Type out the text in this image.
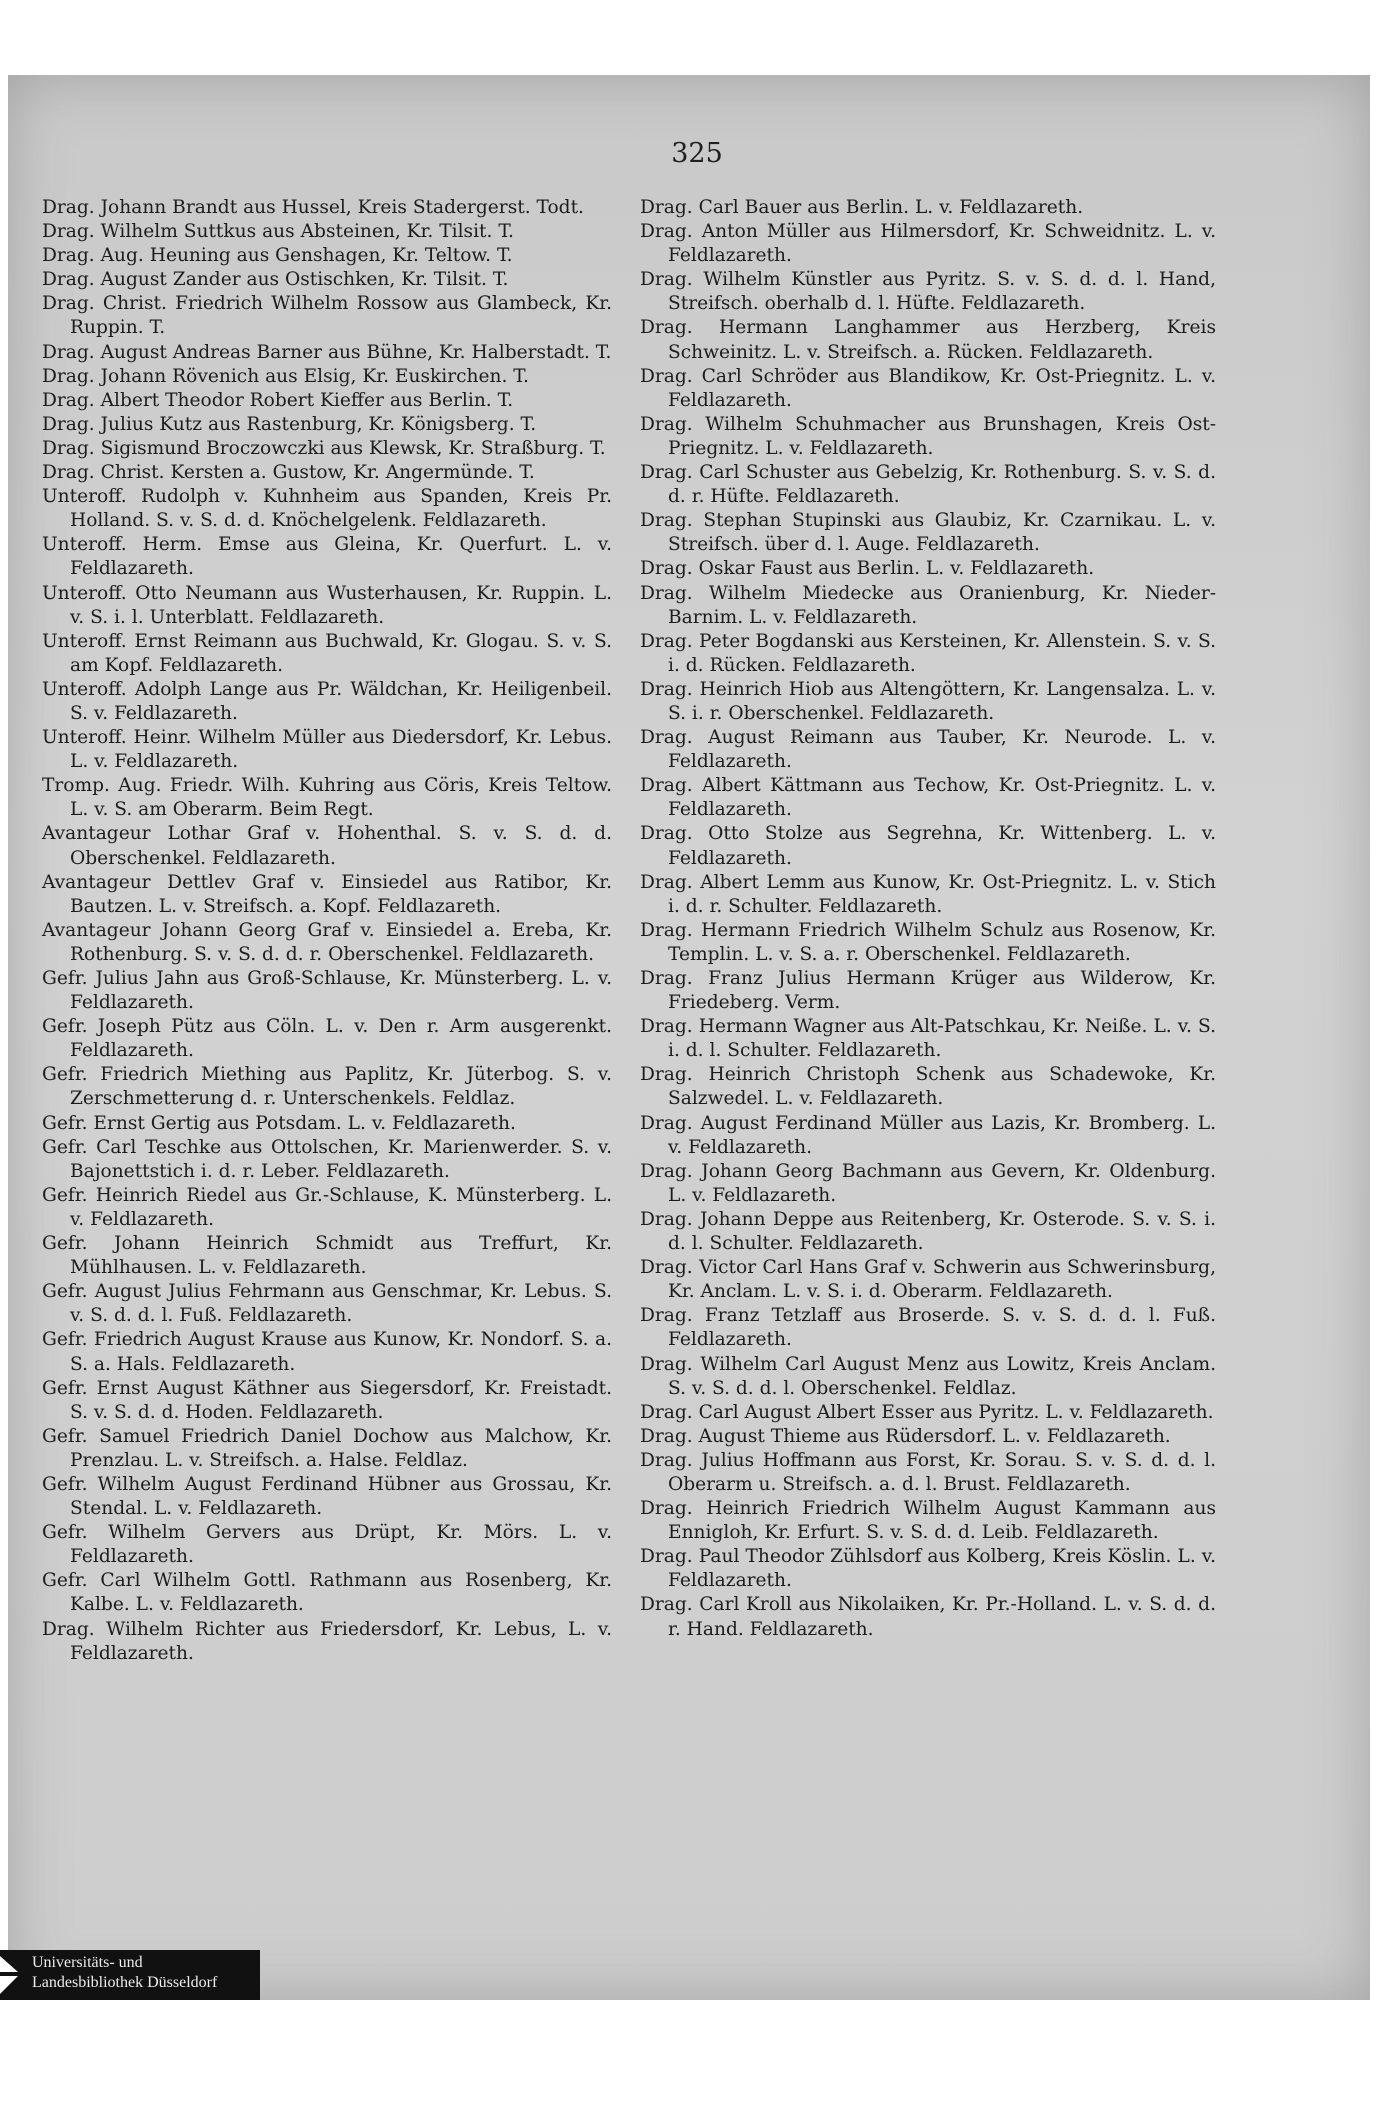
325

Drag. Johann Brandt aus Hussel, Kreis Stadergerst. Todt.

Drag. Wilhelm Suttkus aus Absteinen, Kr. Tilsit. T.

Drag. Aug. Heuning aus Genshagen, Kr. Teltow. T.

Drag. August Zander aus Ostischken, Kr. Tilsit. T.

Drag. Christ. Friedrich Wilhelm Rossow aus Glambeck, Kr. Ruppin. T.

Drag. August Andreas Barner aus Bühne, Kr. Halberstadt. T.

Drag. Johann Rövenich aus Elsig, Kr. Euskirchen. T.

Drag. Albert Theodor Robert Kieffer aus Berlin. T.

Drag. Julius Kutz aus Rastenburg, Kr. Königsberg. T.

Drag. Sigismund Broczowczki aus Klewsk, Kr. Straßburg. T.

Drag. Christ. Kersten a. Gustow, Kr. Angermünde. T.

Unteroff. Rudolph v. Kuhnheim aus Spanden, Kreis Pr. Holland. S. v. S. d. d. Knöchelgelenk. Feldlazareth.

Unteroff. Herm. Emse aus Gleina, Kr. Querfurt. L. v. Feldlazareth.

Unteroff. Otto Neumann aus Wusterhausen, Kr. Ruppin. L. v. S. i. l. Unterblatt. Feldlazareth.

Unteroff. Ernst Reimann aus Buchwald, Kr. Glogau. S. v. S. am Kopf. Feldlazareth.

Unteroff. Adolph Lange aus Pr. Wäldchan, Kr. Heiligenbeil. S. v. Feldlazareth.

Unteroff. Heinr. Wilhelm Müller aus Diedersdorf, Kr. Lebus. L. v. Feldlazareth.

Tromp. Aug. Friedr. Wilh. Kuhring aus Cöris, Kreis Teltow. L. v. S. am Oberarm. Beim Regt.

Avantageur Lothar Graf v. Hohenthal. S. v. S. d. d. Oberschenkel. Feldlazareth.

Avantageur Dettlev Graf v. Einsiedel aus Ratibor, Kr. Bautzen. L. v. Streifsch. a. Kopf. Feldlazareth.

Avantageur Johann Georg Graf v. Einsiedel a. Ereba, Kr. Rothenburg. S. v. S. d. d. r. Oberschenkel. Feldlazareth.

Gefr. Julius Jahn aus Groß-Schlause, Kr. Münsterberg. L. v. Feldlazareth.

Gefr. Joseph Pütz aus Cöln. L. v. Den r. Arm ausgerenkt. Feldlazareth.

Gefr. Friedrich Miething aus Paplitz, Kr. Jüterbog. S. v. Zerschmetterung d. r. Unterschenkels. Feldlaz.

Gefr. Ernst Gertig aus Potsdam. L. v. Feldlazareth.

Gefr. Carl Teschke aus Ottolschen, Kr. Marienwerder. S. v. Bajonettstich i. d. r. Leber. Feldlazareth.

Gefr. Heinrich Riedel aus Gr.-Schlause, K. Münsterberg. L. v. Feldlazareth.

Gefr. Johann Heinrich Schmidt aus Treffurt, Kr. Mühlhausen. L. v. Feldlazareth.

Gefr. August Julius Fehrmann aus Genschmar, Kr. Lebus. S. v. S. d. d. l. Fuß. Feldlazareth.

Gefr. Friedrich August Krause aus Kunow, Kr. Nondorf. S. a. S. a. Hals. Feldlazareth.

Gefr. Ernst August Käthner aus Siegersdorf, Kr. Freistadt. S. v. S. d. d. Hoden. Feldlazareth.

Gefr. Samuel Friedrich Daniel Dochow aus Malchow, Kr. Prenzlau. L. v. Streifsch. a. Halse. Feldlaz.

Gefr. Wilhelm August Ferdinand Hübner aus Grossau, Kr. Stendal. L. v. Feldlazareth.

Gefr. Wilhelm Gervers aus Drüpt, Kr. Mörs. L. v. Feldlazareth.

Gefr. Carl Wilhelm Gottl. Rathmann aus Rosenberg, Kr. Kalbe. L. v. Feldlazareth.

Drag. Wilhelm Richter aus Friedersdorf, Kr. Lebus, L. v. Feldlazareth.

Drag. Carl Bauer aus Berlin. L. v. Feldlazareth.

Drag. Anton Müller aus Hilmersdorf, Kr. Schweidnitz. L. v. Feldlazareth.

Drag. Wilhelm Künstler aus Pyritz. S. v. S. d. d. l. Hand, Streifsch. oberhalb d. l. Hüfte. Feldlazareth.

Drag. Hermann Langhammer aus Herzberg, Kreis Schweinitz. L. v. Streifsch. a. Rücken. Feldlazareth.

Drag. Carl Schröder aus Blandikow, Kr. Ost-Priegnitz. L. v. Feldlazareth.

Drag. Wilhelm Schuhmacher aus Brunshagen, Kreis Ost-Priegnitz. L. v. Feldlazareth.

Drag. Carl Schuster aus Gebelzig, Kr. Rothenburg. S. v. S. d. d. r. Hüfte. Feldlazareth.

Drag. Stephan Stupinski aus Glaubiz, Kr. Czarnikau. L. v. Streifsch. über d. l. Auge. Feldlazareth.

Drag. Oskar Faust aus Berlin. L. v. Feldlazareth.

Drag. Wilhelm Miedecke aus Oranienburg, Kr. Nieder-Barnim. L. v. Feldlazareth.

Drag. Peter Bogdanski aus Kersteinen, Kr. Allenstein. S. v. S. i. d. Rücken. Feldlazareth.

Drag. Heinrich Hiob aus Altengöttern, Kr. Langensalza. L. v. S. i. r. Oberschenkel. Feldlazareth.

Drag. August Reimann aus Tauber, Kr. Neurode. L. v. Feldlazareth.

Drag. Albert Kättmann aus Techow, Kr. Ost-Priegnitz. L. v. Feldlazareth.

Drag. Otto Stolze aus Segrehna, Kr. Wittenberg. L. v. Feldlazareth.

Drag. Albert Lemm aus Kunow, Kr. Ost-Priegnitz. L. v. Stich i. d. r. Schulter. Feldlazareth.

Drag. Hermann Friedrich Wilhelm Schulz aus Rosenow, Kr. Templin. L. v. S. a. r. Oberschenkel. Feldlazareth.

Drag. Franz Julius Hermann Krüger aus Wilderow, Kr. Friedeberg. Verm.

Drag. Hermann Wagner aus Alt-Patschkau, Kr. Neiße. L. v. S. i. d. l. Schulter. Feldlazareth.

Drag. Heinrich Christoph Schenk aus Schadewoke, Kr. Salzwedel. L. v. Feldlazareth.

Drag. August Ferdinand Müller aus Lazis, Kr. Bromberg. L. v. Feldlazareth.

Drag. Johann Georg Bachmann aus Gevern, Kr. Oldenburg. L. v. Feldlazareth.

Drag. Johann Deppe aus Reitenberg, Kr. Osterode. S. v. S. i. d. l. Schulter. Feldlazareth.

Drag. Victor Carl Hans Graf v. Schwerin aus Schwerinsburg, Kr. Anclam. L. v. S. i. d. Oberarm. Feldlazareth.

Drag. Franz Tetzlaff aus Broserde. S. v. S. d. d. l. Fuß. Feldlazareth.

Drag. Wilhelm Carl August Menz aus Lowitz, Kreis Anclam. S. v. S. d. d. l. Oberschenkel. Feldlaz.

Drag. Carl August Albert Esser aus Pyritz. L. v. Feldlazareth.

Drag. August Thieme aus Rüdersdorf. L. v. Feldlazareth.

Drag. Julius Hoffmann aus Forst, Kr. Sorau. S. v. S. d. d. l. Oberarm u. Streifsch. a. d. l. Brust. Feldlazareth.

Drag. Heinrich Friedrich Wilhelm August Kammann aus Ennigloh, Kr. Erfurt. S. v. S. d. d. Leib. Feldlazareth.

Drag. Paul Theodor Zühlsdorf aus Kolberg, Kreis Köslin. L. v. Feldlazareth.

Drag. Carl Kroll aus Nikolaiken, Kr. Pr.-Holland. L. v. S. d. d. r. Hand. Feldlazareth.

Universitäts- und
Landesbibliothek Düsseldorf
